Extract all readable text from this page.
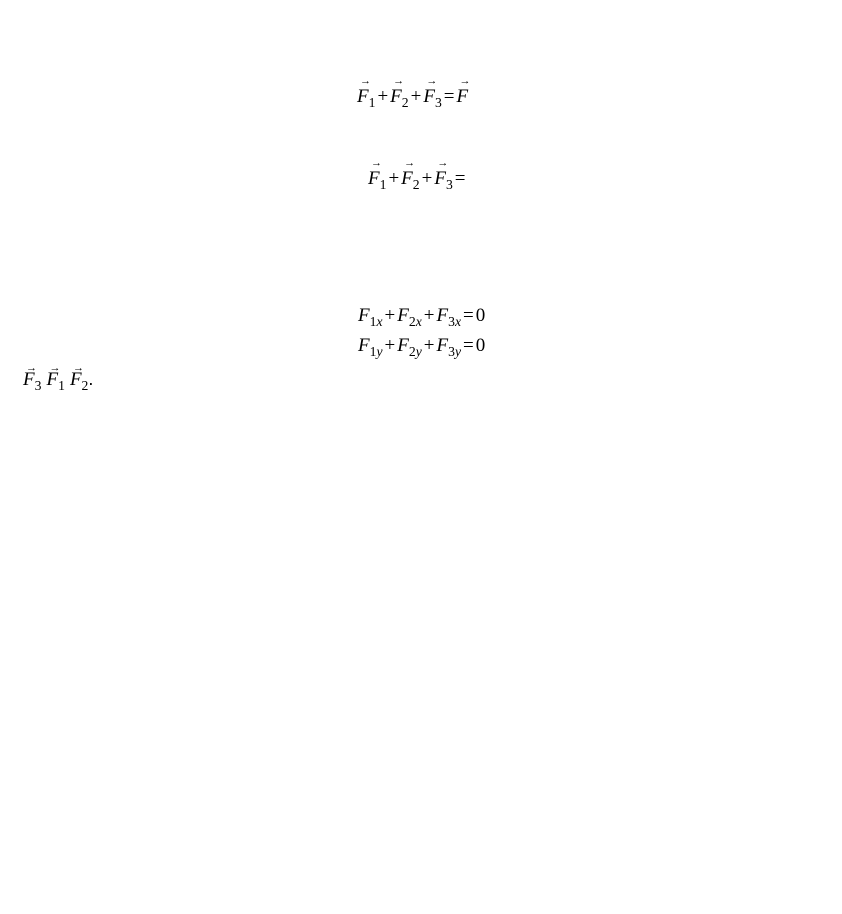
→ $F_1 +\to F_2 +\to F_3 =\to F$

→ $F_1 +\to F_2 +\to F_3$ =

$F_{1x} + F_{2x} + F_{3x} = 0$
$F_{1y} + F_{2y} + F_{3y} = 0$

→ $F_3 \to F_1 \to F_2$.
